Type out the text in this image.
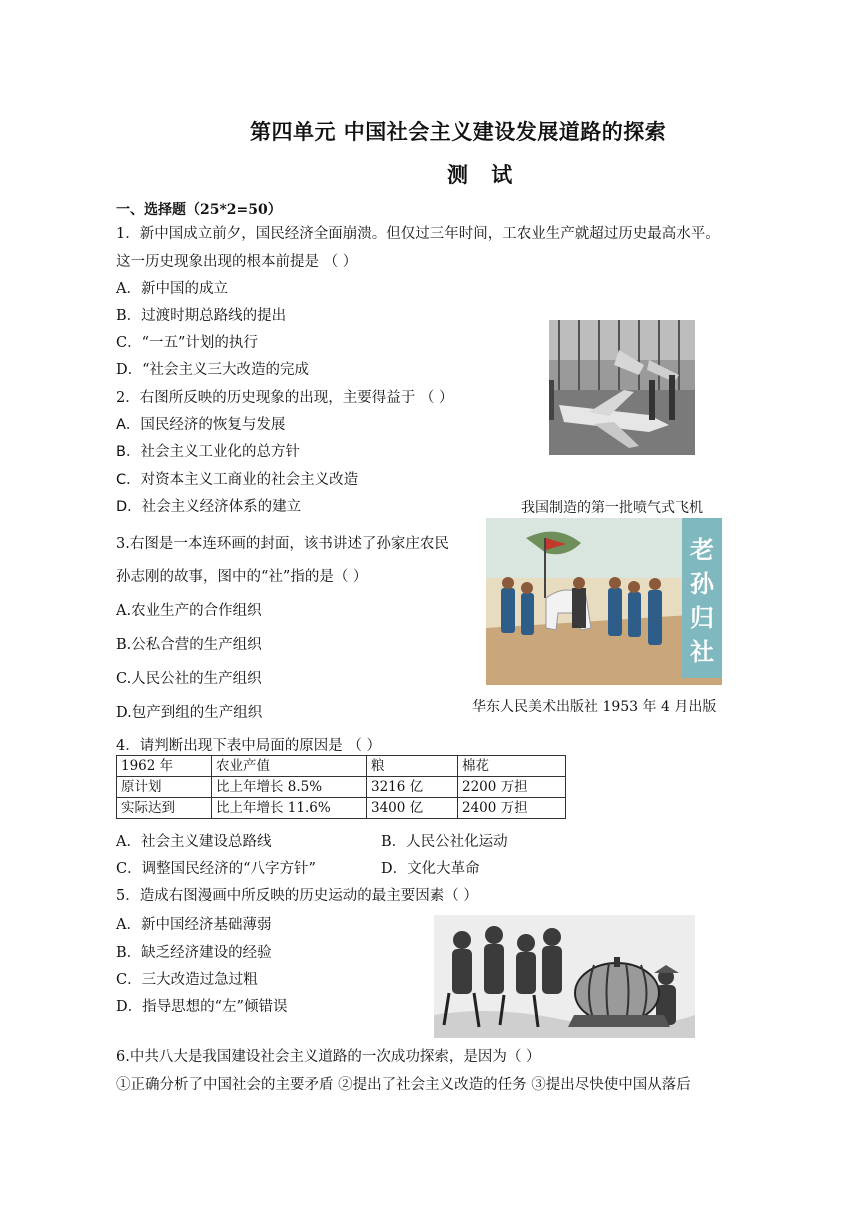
第四单元 中国社会主义建设发展道路的探索
测 试
一、选择题（25*2=50）
1．新中国成立前夕，国民经济全面崩溃。但仅过三年时间，工农业生产就超过历史最高水平。
这一历史现象出现的根本前提是 （ ）
A．新中国的成立
B．过渡时期总路线的提出
C．“一五”计划的执行
D．“社会主义三大改造的完成
2．右图所反映的历史现象的出现，主要得益于 （ ）
A．国民经济的恢复与发展
B．社会主义工业化的总方针
C．对资本主义工商业的社会主义改造
D．社会主义经济体系的建立	我国制造的第一批喷气式飞机
3.右图是一本连环画的封面，该书讲述了孙家庄农民
孙志刚的故事，图中的“社”指的是（ ）
A.农业生产的合作组织
B.公私合营的生产组织
C.人民公社的生产组织
D.包产到组的生产组织
老孙归社
华东人民美术出版社 1953 年 4 月出版
4．请判断出现下表中局面的原因是 （ ）
1962 年	农业产值	粮	棉花
原计划	比上年增长 8.5%	3216 亿	2200 万担
实际达到	比上年增长 11.6%	3400 亿	2400 万担
A．社会主义建设总路线	B．人民公社化运动
C．调整国民经济的“八字方针”	D．文化大革命
5．造成右图漫画中所反映的历史运动的最主要因素（ ）
A．新中国经济基础薄弱
B．缺乏经济建设的经验
C．三大改造过急过粗
D．指导思想的“左”倾错误
6.中共八大是我国建设社会主义道路的一次成功探索，是因为（ ）
①正确分析了中国社会的主要矛盾 ②提出了社会主义改造的任务 ③提出尽快使中国从落后
